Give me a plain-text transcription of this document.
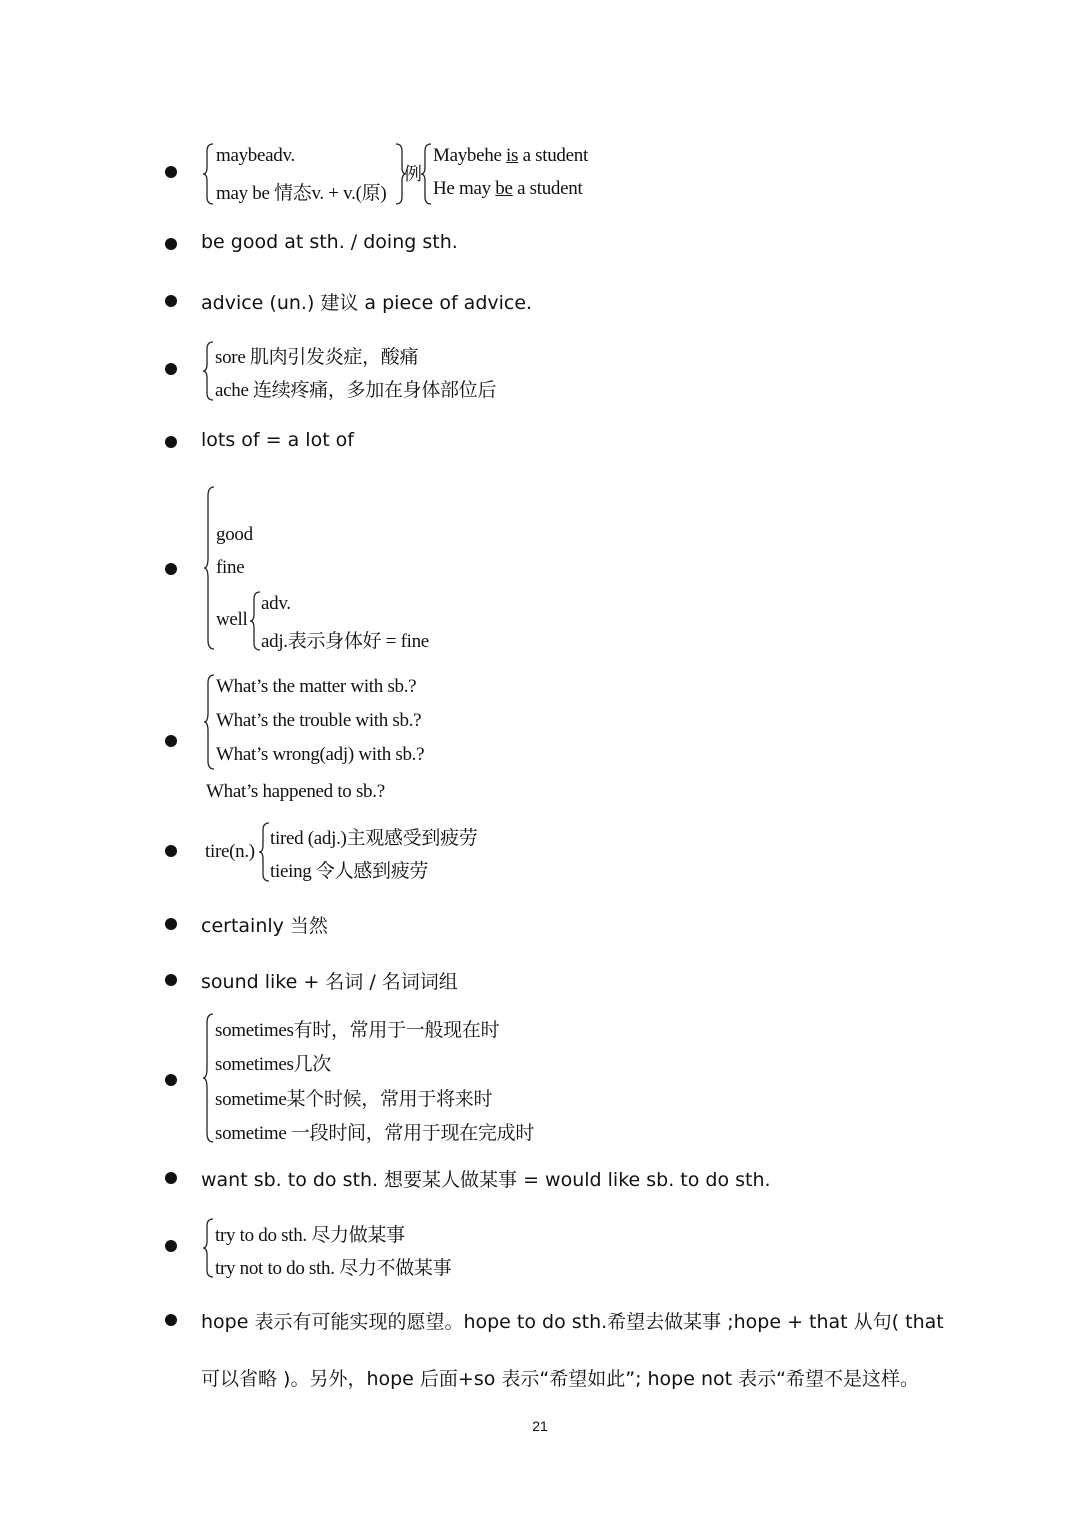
maybeadv.
may be 情态v. + v.(原)
例
Maybehe is a student
He may be a student
be good at sth. / doing sth.
advice (un.) 建议 a piece of advice.
sore 肌肉引发炎症，酸痛
ache 连续疼痛，多加在身体部位后
lots of = a lot of
good
fine
well
adv.
adj.表示身体好 = fine
What’s the matter with sb.?
What’s the trouble with sb.?
What’s wrong(adj) with sb.?
What’s happened to sb.?
tire(n.)
tired (adj.)主观感受到疲劳
tieing 令人感到疲劳
certainly 当然
sound like + 名词 / 名词词组
sometimes有时，常用于一般现在时
sometimes几次
sometime某个时候，常用于将来时
sometime 一段时间，常用于现在完成时
want sb. to do sth. 想要某人做某事 = would like sb. to do sth.
try to do sth. 尽力做某事
try not to do sth. 尽力不做某事
hope 表示有可能实现的愿望。hope to do sth.希望去做某事 ;hope + that 从句( that
可以省略 )。另外，hope 后面+so 表示“希望如此”; hope not 表示“希望不是这样。
21
